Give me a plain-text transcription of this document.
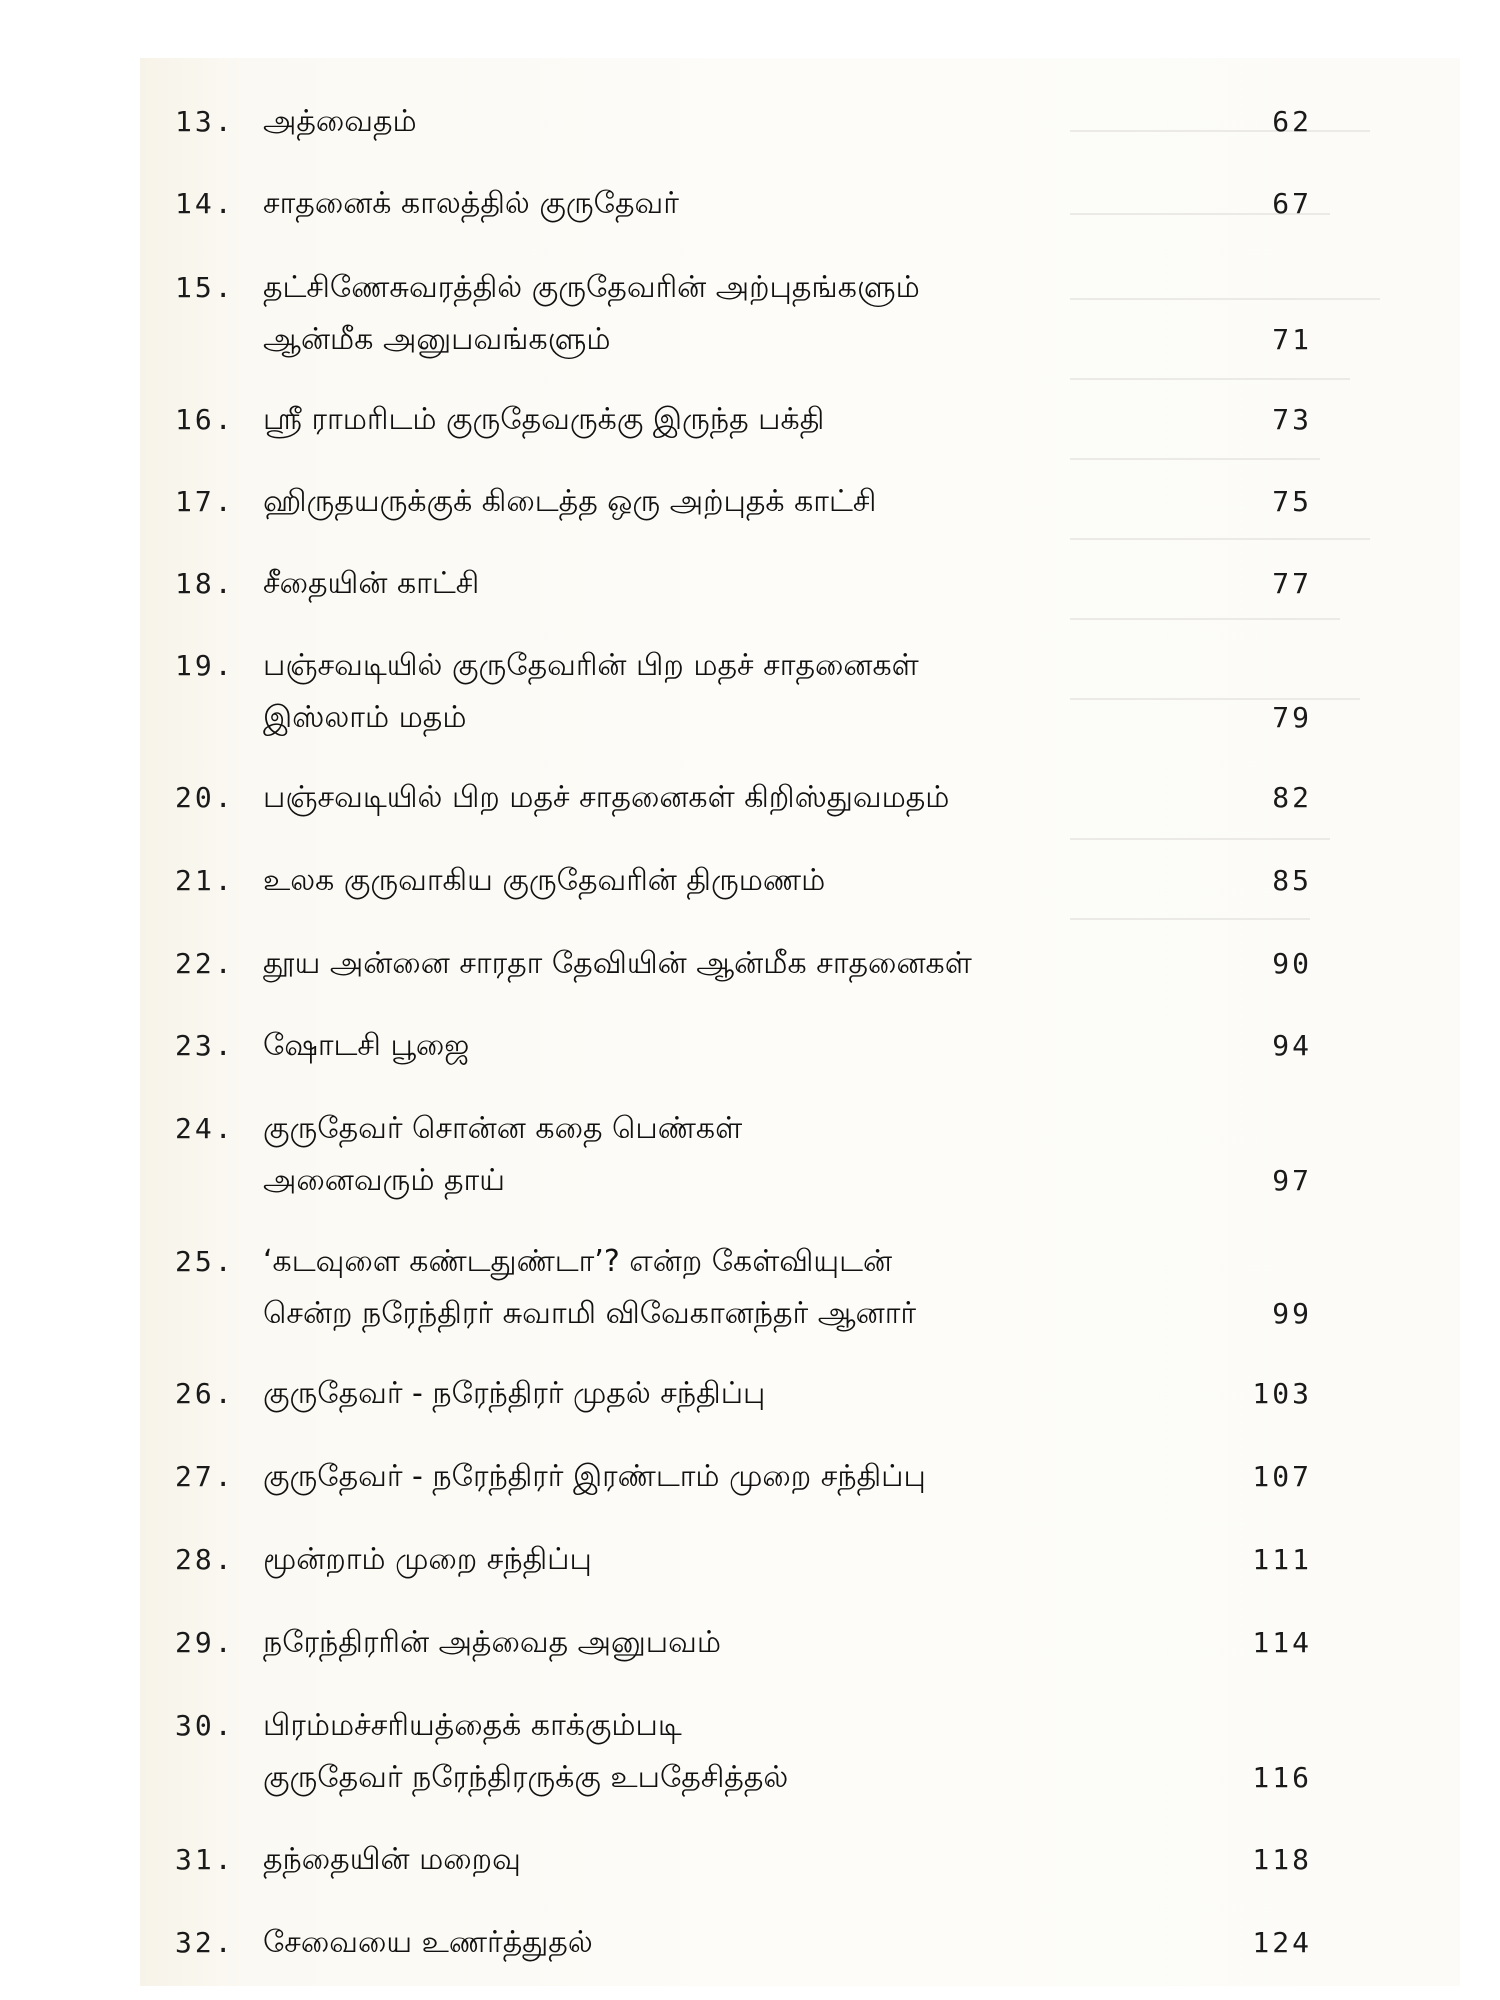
13. அத்வைதம்	62
14. சாதனைக் காலத்தில் குருதேவர்	67
15. தட்சிணேசுவரத்தில் குருதேவரின் அற்புதங்களும்
ஆன்மீக அனுபவங்களும்	71
16. ஸ்ரீ ராமரிடம் குருதேவருக்கு இருந்த பக்தி	73
17. ஹிருதயருக்குக் கிடைத்த ஒரு அற்புதக் காட்சி	75
18. சீதையின் காட்சி	77
19. பஞ்சவடியில் குருதேவரின் பிற மதச் சாதனைகள்
இஸ்லாம் மதம்	79
20. பஞ்சவடியில் பிற மதச் சாதனைகள் கிறிஸ்துவமதம்	82
21. உலக குருவாகிய குருதேவரின் திருமணம்	85
22. தூய அன்னை சாரதா தேவியின் ஆன்மீக சாதனைகள்	90
23. ஷோடசி பூஜை	94
24. குருதேவர் சொன்ன கதை பெண்கள்
அனைவரும் தாய்	97
25. ‘கடவுளை கண்டதுண்டா’? என்ற கேள்வியுடன்
சென்ற நரேந்திரர் சுவாமி விவேகானந்தர் ஆனார்	99
26. குருதேவர் - நரேந்திரர் முதல் சந்திப்பு	103
27. குருதேவர் - நரேந்திரர் இரண்டாம் முறை சந்திப்பு	107
28. மூன்றாம் முறை சந்திப்பு	111
29. நரேந்திரரின் அத்வைத அனுபவம்	114
30. பிரம்மச்சரியத்தைக் காக்கும்படி
குருதேவர் நரேந்திரருக்கு உபதேசித்தல்	116
31. தந்தையின் மறைவு	118
32. சேவையை உணர்த்துதல்	124
